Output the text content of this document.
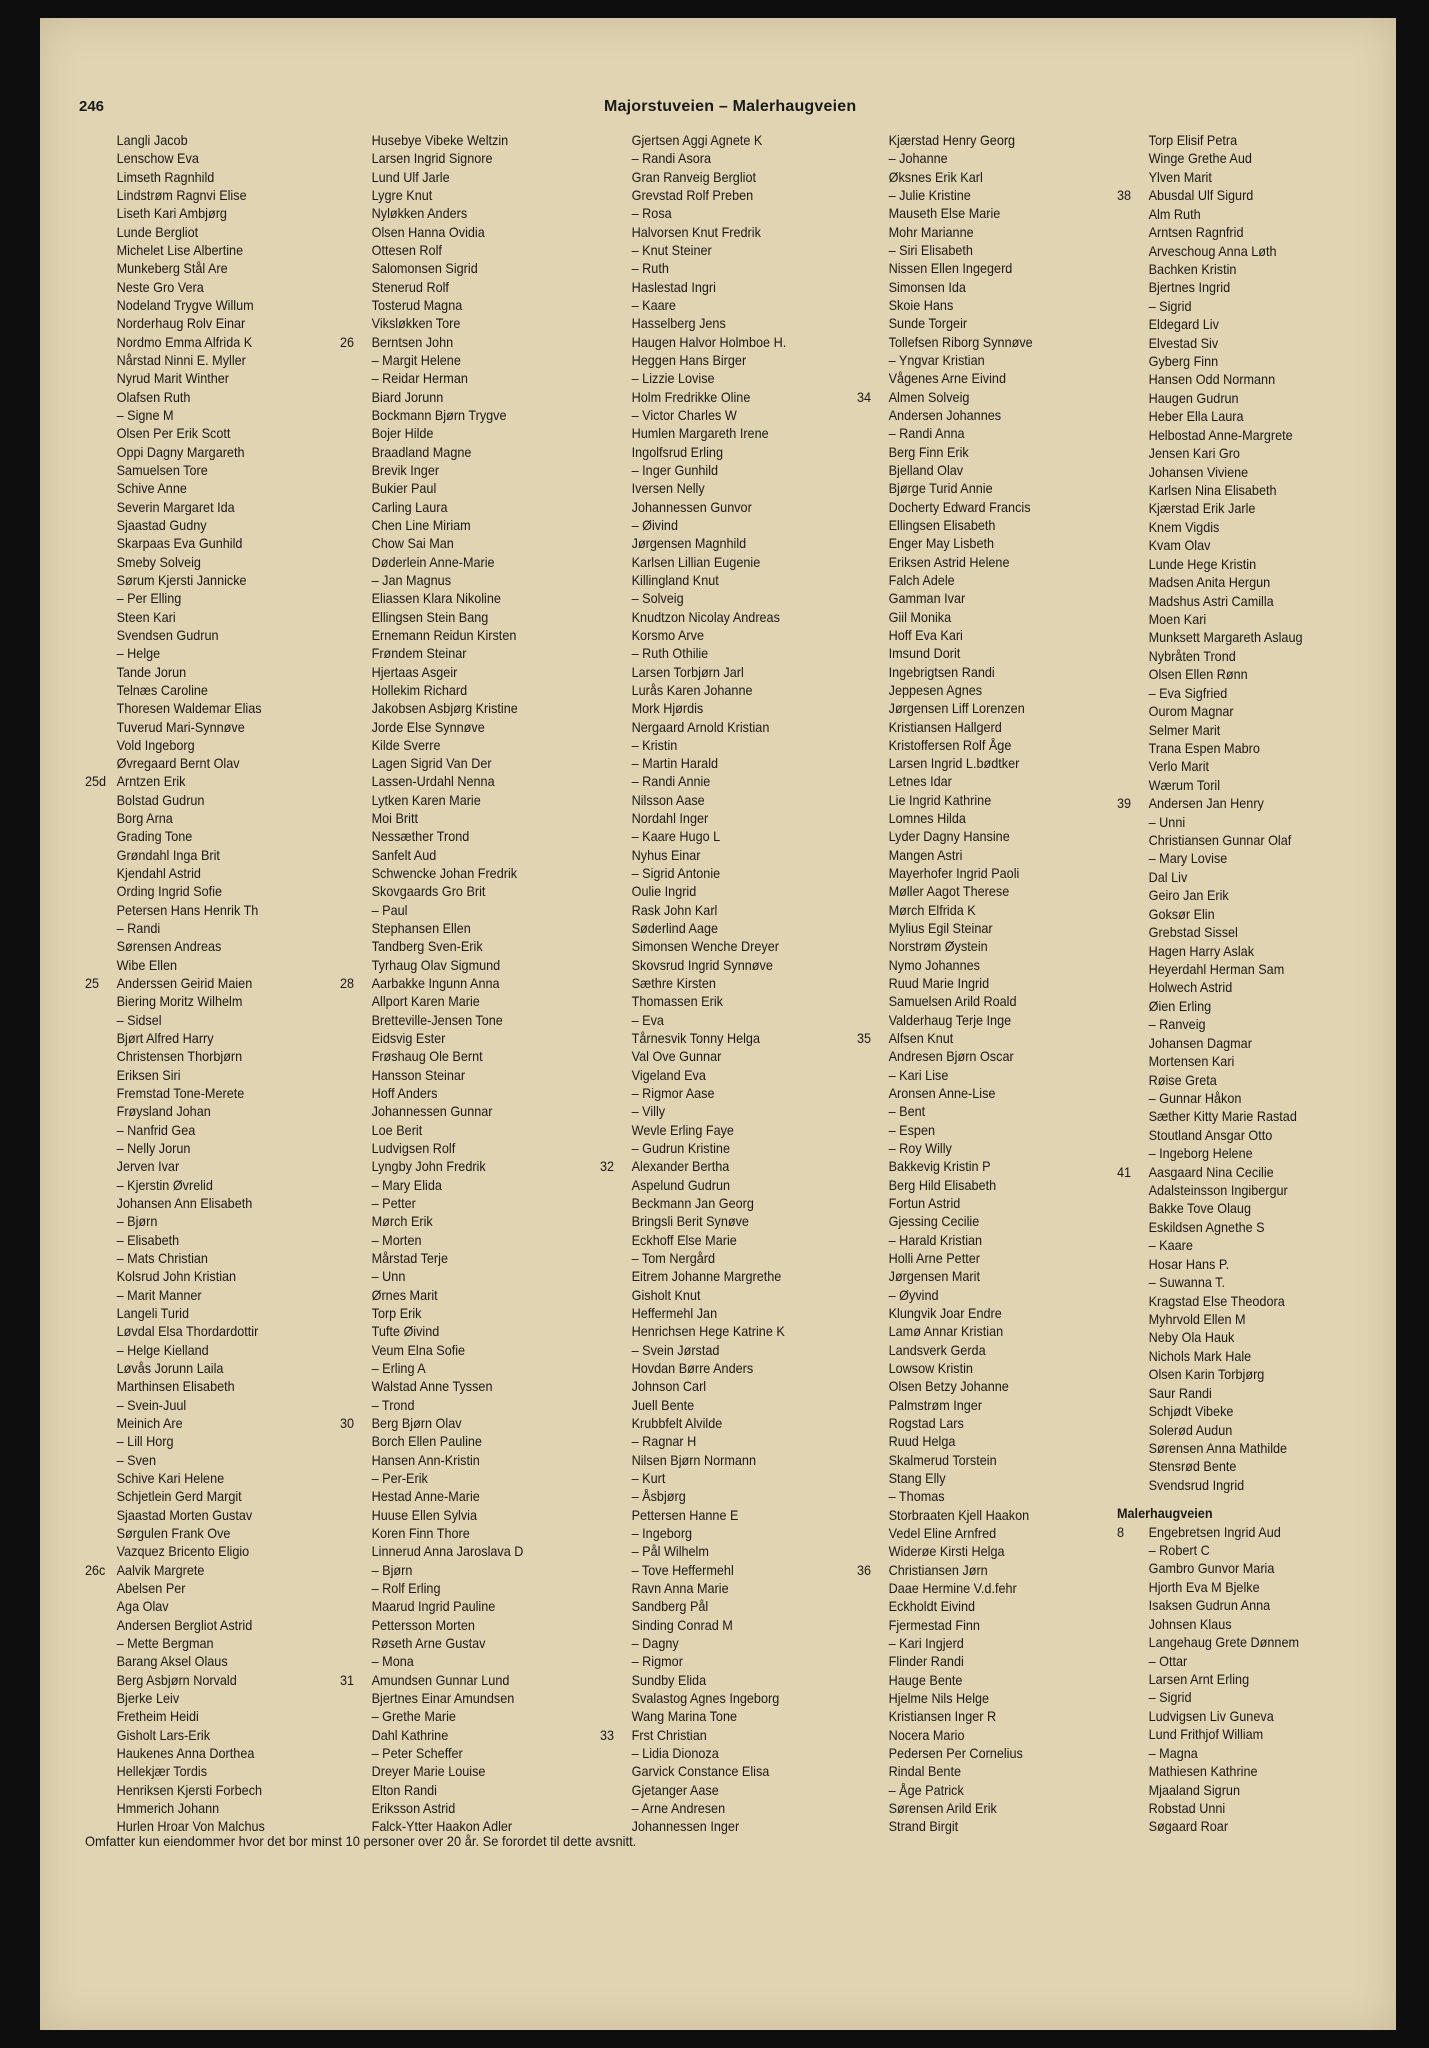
246	Majorstuveien – Malerhaugveien
Langli Jacob
Lenschow Eva
Limseth Ragnhild
Lindstrøm Ragnvi Elise
Liseth Kari Ambjørg
Lunde Bergliot
Michelet Lise Albertine
Munkeberg Stål Are
Neste Gro Vera
Nodeland Trygve Willum
Norderhaug Rolv Einar
Nordmo Emma Alfrida K
Nårstad Ninni E. Myller
Nyrud Marit Winther
Olafsen Ruth
– Signe M
Olsen Per Erik Scott
Oppi Dagny Margareth
Samuelsen Tore
Schive Anne
Severin Margaret Ida
Sjaastad Gudny
Skarpaas Eva Gunhild
Smeby Solveig
Sørum Kjersti Jannicke
– Per Elling
Steen Kari
Svendsen Gudrun
– Helge
Tande Jorun
Telnæs Caroline
Thoresen Waldemar Elias
Tuverud Mari-Synnøve
Vold Ingeborg
Øvregaard Bernt Olav
25d Arntzen Erik
Bolstad Gudrun
Borg Arna
Grading Tone
Grøndahl Inga Brit
Kjendahl Astrid
Ording Ingrid Sofie
Petersen Hans Henrik Th
– Randi
Sørensen Andreas
Wibe Ellen
25 Anderssen Geirid Maien
Biering Moritz Wilhelm
– Sidsel
Bjørt Alfred Harry
Christensen Thorbjørn
Eriksen Siri
Fremstad Tone-Merete
Frøysland Johan
– Nanfrid Gea
– Nelly Jorun
Jerven Ivar
– Kjerstin Øvrelid
Johansen Ann Elisabeth
– Bjørn
– Elisabeth
– Mats Christian
Kolsrud John Kristian
– Marit Manner
Langeli Turid
Løvdal Elsa Thordardottir
– Helge Kielland
Løvås Jorunn Laila
Marthinsen Elisabeth
– Svein-Juul
Meinich Are
– Lill Horg
– Sven
Schive Kari Helene
Schjetlein Gerd Margit
Sjaastad Morten Gustav
Sørgulen Frank Ove
Vazquez Bricento Eligio
26c Aalvik Margrete
Abelsen Per
Aga Olav
Andersen Bergliot Astrid
– Mette Bergman
Barang Aksel Olaus
Berg Asbjørn Norvald
Bjerke Leiv
Fretheim Heidi
Gisholt Lars-Erik
Haukenes Anna Dorthea
Hellekjær Tordis
Henriksen Kjersti Forbech
Hmmerich Johann
Hurlen Hroar Von Malchus
Husebye Vibeke Weltzin
Larsen Ingrid Signore
Lund Ulf Jarle
Lygre Knut
Nyløkken Anders
Olsen Hanna Ovidia
Ottesen Rolf
Salomonsen Sigrid
Stenerud Rolf
Tosterud Magna
Viksløkken Tore
26 Berntsen John
– Margit Helene
– Reidar Herman
Biard Jorunn
Bockmann Bjørn Trygve
Bojer Hilde
Braadland Magne
Brevik Inger
Bukier Paul
Carling Laura
Chen Line Miriam
Chow Sai Man
Døderlein Anne-Marie
– Jan Magnus
Eliassen Klara Nikoline
Ellingsen Stein Bang
Ernemann Reidun Kirsten
Frøndem Steinar
Hjertaas Asgeir
Hollekim Richard
Jakobsen Asbjørg Kristine
Jorde Else Synnøve
Kilde Sverre
Lagen Sigrid Van Der
Lassen-Urdahl Nenna
Lytken Karen Marie
Moi Britt
Nessæther Trond
Sanfelt Aud
Schwencke Johan Fredrik
Skovgaards Gro Brit
– Paul
Stephansen Ellen
Tandberg Sven-Erik
Tyrhaug Olav Sigmund
28 Aarbakke Ingunn Anna
Allport Karen Marie
Bretteville-Jensen Tone
Eidsvig Ester
Frøshaug Ole Bernt
Hansson Steinar
Hoff Anders
Johannessen Gunnar
Loe Berit
Ludvigsen Rolf
Lyngby John Fredrik
– Mary Elida
– Petter
Mørch Erik
– Morten
Mårstad Terje
– Unn
Ørnes Marit
Torp Erik
Tufte Øivind
Veum Elna Sofie
– Erling A
Walstad Anne Tyssen
– Trond
30 Berg Bjørn Olav
Borch Ellen Pauline
Hansen Ann-Kristin
– Per-Erik
Hestad Anne-Marie
Huuse Ellen Sylvia
Koren Finn Thore
Linnerud Anna Jaroslava D
– Bjørn
– Rolf Erling
Maarud Ingrid Pauline
Pettersson Morten
Røseth Arne Gustav
– Mona
31 Amundsen Gunnar Lund
Bjertnes Einar Amundsen
– Grethe Marie
Dahl Kathrine
– Peter Scheffer
Dreyer Marie Louise
Elton Randi
Eriksson Astrid
Falck-Ytter Haakon Adler
Gjertsen Aggi Agnete K
– Randi Asora
Gran Ranveig Bergliot
Grevstad Rolf Preben
– Rosa
Halvorsen Knut Fredrik
– Knut Steiner
– Ruth
Haslestad Ingri
– Kaare
Hasselberg Jens
Haugen Halvor Holmboe H.
Heggen Hans Birger
– Lizzie Lovise
Holm Fredrikke Oline
– Victor Charles W
Humlen Margareth Irene
Ingolfsrud Erling
– Inger Gunhild
Iversen Nelly
Johannessen Gunvor
– Øivind
Jørgensen Magnhild
Karlsen Lillian Eugenie
Killingland Knut
– Solveig
Knudtzon Nicolay Andreas
Korsmo Arve
– Ruth Othilie
Larsen Torbjørn Jarl
Lurås Karen Johanne
Mork Hjørdis
Nergaard Arnold Kristian
– Kristin
– Martin Harald
– Randi Annie
Nilsson Aase
Nordahl Inger
– Kaare Hugo L
Nyhus Einar
– Sigrid Antonie
Oulie Ingrid
Rask John Karl
Søderlind Aage
Simonsen Wenche Dreyer
Skovsrud Ingrid Synnøve
Sæthre Kirsten
Thomassen Erik
– Eva
Tårnesvik Tonny Helga
Val Ove Gunnar
Vigeland Eva
– Rigmor Aase
– Villy
Wevle Erling Faye
– Gudrun Kristine
32 Alexander Bertha
Aspelund Gudrun
Beckmann Jan Georg
Bringsli Berit Synøve
Eckhoff Else Marie
– Tom Nergård
Eitrem Johanne Margrethe
Gisholt Knut
Heffermehl Jan
Henrichsen Hege Katrine K
– Svein Jørstad
Hovdan Børre Anders
Johnson Carl
Juell Bente
Krubbfelt Alvilde
– Ragnar H
Nilsen Bjørn Normann
– Kurt
– Åsbjørg
Pettersen Hanne E
– Ingeborg
– Pål Wilhelm
– Tove Heffermehl
Ravn Anna Marie
Sandberg Pål
Sinding Conrad M
– Dagny
– Rigmor
Sundby Elida
Svalastog Agnes Ingeborg
Wang Marina Tone
33 Frst Christian
– Lidia Dionoza
Garvick Constance Elisa
Gjetanger Aase
– Arne Andresen
Johannessen Inger
Kjærstad Henry Georg
– Johanne
Øksnes Erik Karl
– Julie Kristine
Mauseth Else Marie
Mohr Marianne
– Siri Elisabeth
Nissen Ellen Ingegerd
Simonsen Ida
Skoie Hans
Sunde Torgeir
Tollefsen Riborg Synnøve
– Yngvar Kristian
Vågenes Arne Eivind
34 Almen Solveig
Andersen Johannes
– Randi Anna
Berg Finn Erik
Bjelland Olav
Bjørge Turid Annie
Docherty Edward Francis
Ellingsen Elisabeth
Enger May Lisbeth
Eriksen Astrid Helene
Falch Adele
Gamman Ivar
Giil Monika
Hoff Eva Kari
Imsund Dorit
Ingebrigtsen Randi
Jeppesen Agnes
Jørgensen Liff Lorenzen
Kristiansen Hallgerd
Kristoffersen Rolf Åge
Larsen Ingrid L.bødtker
Letnes Idar
Lie Ingrid Kathrine
Lomnes Hilda
Lyder Dagny Hansine
Mangen Astri
Mayerhofer Ingrid Paoli
Møller Aagot Therese
Mørch Elfrida K
Mylius Egil Steinar
Norstrøm Øystein
Nymo Johannes
Ruud Marie Ingrid
Samuelsen Arild Roald
Valderhaug Terje Inge
35 Alfsen Knut
Andresen Bjørn Oscar
– Kari Lise
Aronsen Anne-Lise
– Bent
– Espen
– Roy Willy
Bakkevig Kristin P
Berg Hild Elisabeth
Fortun Astrid
Gjessing Cecilie
– Harald Kristian
Holli Arne Petter
Jørgensen Marit
– Øyvind
Klungvik Joar Endre
Lamø Annar Kristian
Landsverk Gerda
Lowsow Kristin
Olsen Betzy Johanne
Palmstrøm Inger
Rogstad Lars
Ruud Helga
Skalmerud Torstein
Stang Elly
– Thomas
Storbraaten Kjell Haakon
Vedel Eline Arnfred
Widerøe Kirsti Helga
36 Christiansen Jørn
Daae Hermine V.d.fehr
Eckholdt Eivind
Fjermestad Finn
– Kari Ingjerd
Flinder Randi
Hauge Bente
Hjelme Nils Helge
Kristiansen Inger R
Nocera Mario
Pedersen Per Cornelius
Rindal Bente
– Åge Patrick
Sørensen Arild Erik
Strand Birgit
Torp Elisif Petra
Winge Grethe Aud
Ylven Marit
38 Abusdal Ulf Sigurd
Alm Ruth
Arntsen Ragnfrid
Arveschoug Anna Løth
Bachken Kristin
Bjertnes Ingrid
– Sigrid
Eldegard Liv
Elvestad Siv
Gyberg Finn
Hansen Odd Normann
Haugen Gudrun
Heber Ella Laura
Helbostad Anne-Margrete
Jensen Kari Gro
Johansen Viviene
Karlsen Nina Elisabeth
Kjærstad Erik Jarle
Knem Vigdis
Kvam Olav
Lunde Hege Kristin
Madsen Anita Hergun
Madshus Astri Camilla
Moen Kari
Munksett Margareth Aslaug
Nybråten Trond
Olsen Ellen Rønn
– Eva Sigfried
Ourom Magnar
Selmer Marit
Trana Espen Mabro
Verlo Marit
Wærum Toril
39 Andersen Jan Henry
– Unni
Christiansen Gunnar Olaf
– Mary Lovise
Dal Liv
Geiro Jan Erik
Goksør Elin
Grebstad Sissel
Hagen Harry Aslak
Heyerdahl Herman Sam
Holwech Astrid
Øien Erling
– Ranveig
Johansen Dagmar
Mortensen Kari
Røise Greta
– Gunnar Håkon
Sæther Kitty Marie Rastad
Stoutland Ansgar Otto
– Ingeborg Helene
41 Aasgaard Nina Cecilie
Adalsteinsson Ingibergur
Bakke Tove Olaug
Eskildsen Agnethe S
– Kaare
Hosar Hans P.
– Suwanna T.
Kragstad Else Theodora
Myhrvold Ellen M
Neby Ola Hauk
Nichols Mark Hale
Olsen Karin Torbjørg
Saur Randi
Schjødt Vibeke
Solerød Audun
Sørensen Anna Mathilde
Stensrød Bente
Svendsrud Ingrid
Malerhaugveien
8 Engebretsen Ingrid Aud
– Robert C
Gambro Gunvor Maria
Hjorth Eva M Bjelke
Isaksen Gudrun Anna
Johnsen Klaus
Langehaug Grete Dønnem
– Ottar
Larsen Arnt Erling
– Sigrid
Ludvigsen Liv Guneva
Lund Frithjof William
– Magna
Mathiesen Kathrine
Mjaaland Sigrun
Robstad Unni
Søgaard Roar
Omfatter kun eiendommer hvor det bor minst 10 personer over 20 år. Se forordet til dette avsnitt.
